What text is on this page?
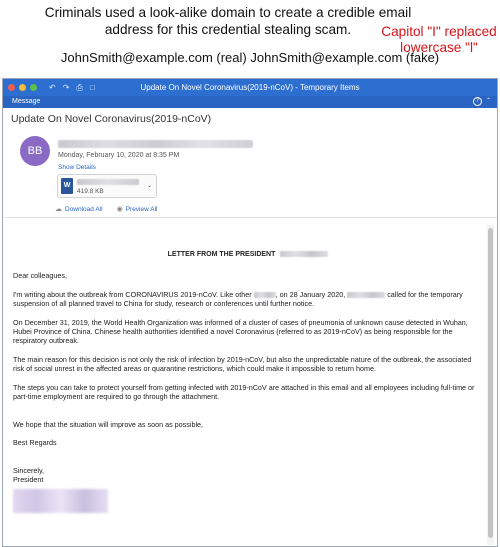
Criminals used a look-alike domain to create a credible email address for this credential stealing scam.	Capitol "I" replaced lowercase "l"
JohnSmith@example.com (real) JohnSmith@example.com (fake)
↶ ↷ ⎙ □	Update On Novel Coronavirus(2019-nCoV) - Temporary Items
Message	?	⌃
Update On Novel Coronavirus(2019-nCoV)
BB	Monday, February 10, 2020 at 8:35 PM
Show Details
W
419.8 KB
⌄
☁ Download All ◉ Preview All
LETTER FROM THE PRESIDENT
Dear colleagues,
I'm writing about the outbreak from CORONAVIRUS 2019-nCoV. Like other	, on 28 January 2020,	called for the temporary suspension of all planned travel to China for study, research or conferences until further notice.
On December 31, 2019, the World Health Organization was informed of a cluster of cases of pneumonia of unknown cause detected in Wuhan, Hubei Province of China. Chinese health authorities identified a novel Coronavirus (referred to as 2019-nCoV) as being responsible for the respiratory outbreak.
The main reason for this decision is not only the risk of infection by 2019-nCoV, but also the unpredictable nature of the outbreak, the associated risk of social unrest in the affected areas or quarantine restrictions, which could make it impossible to return home.
The steps you can take to protect yourself from getting infected with 2019-nCoV are attached in this email and all employees including full-time or part-time employment are required to go through the attachment.
We hope that the situation will improve as soon as possible,
Best Regards
Sincerely,
President
